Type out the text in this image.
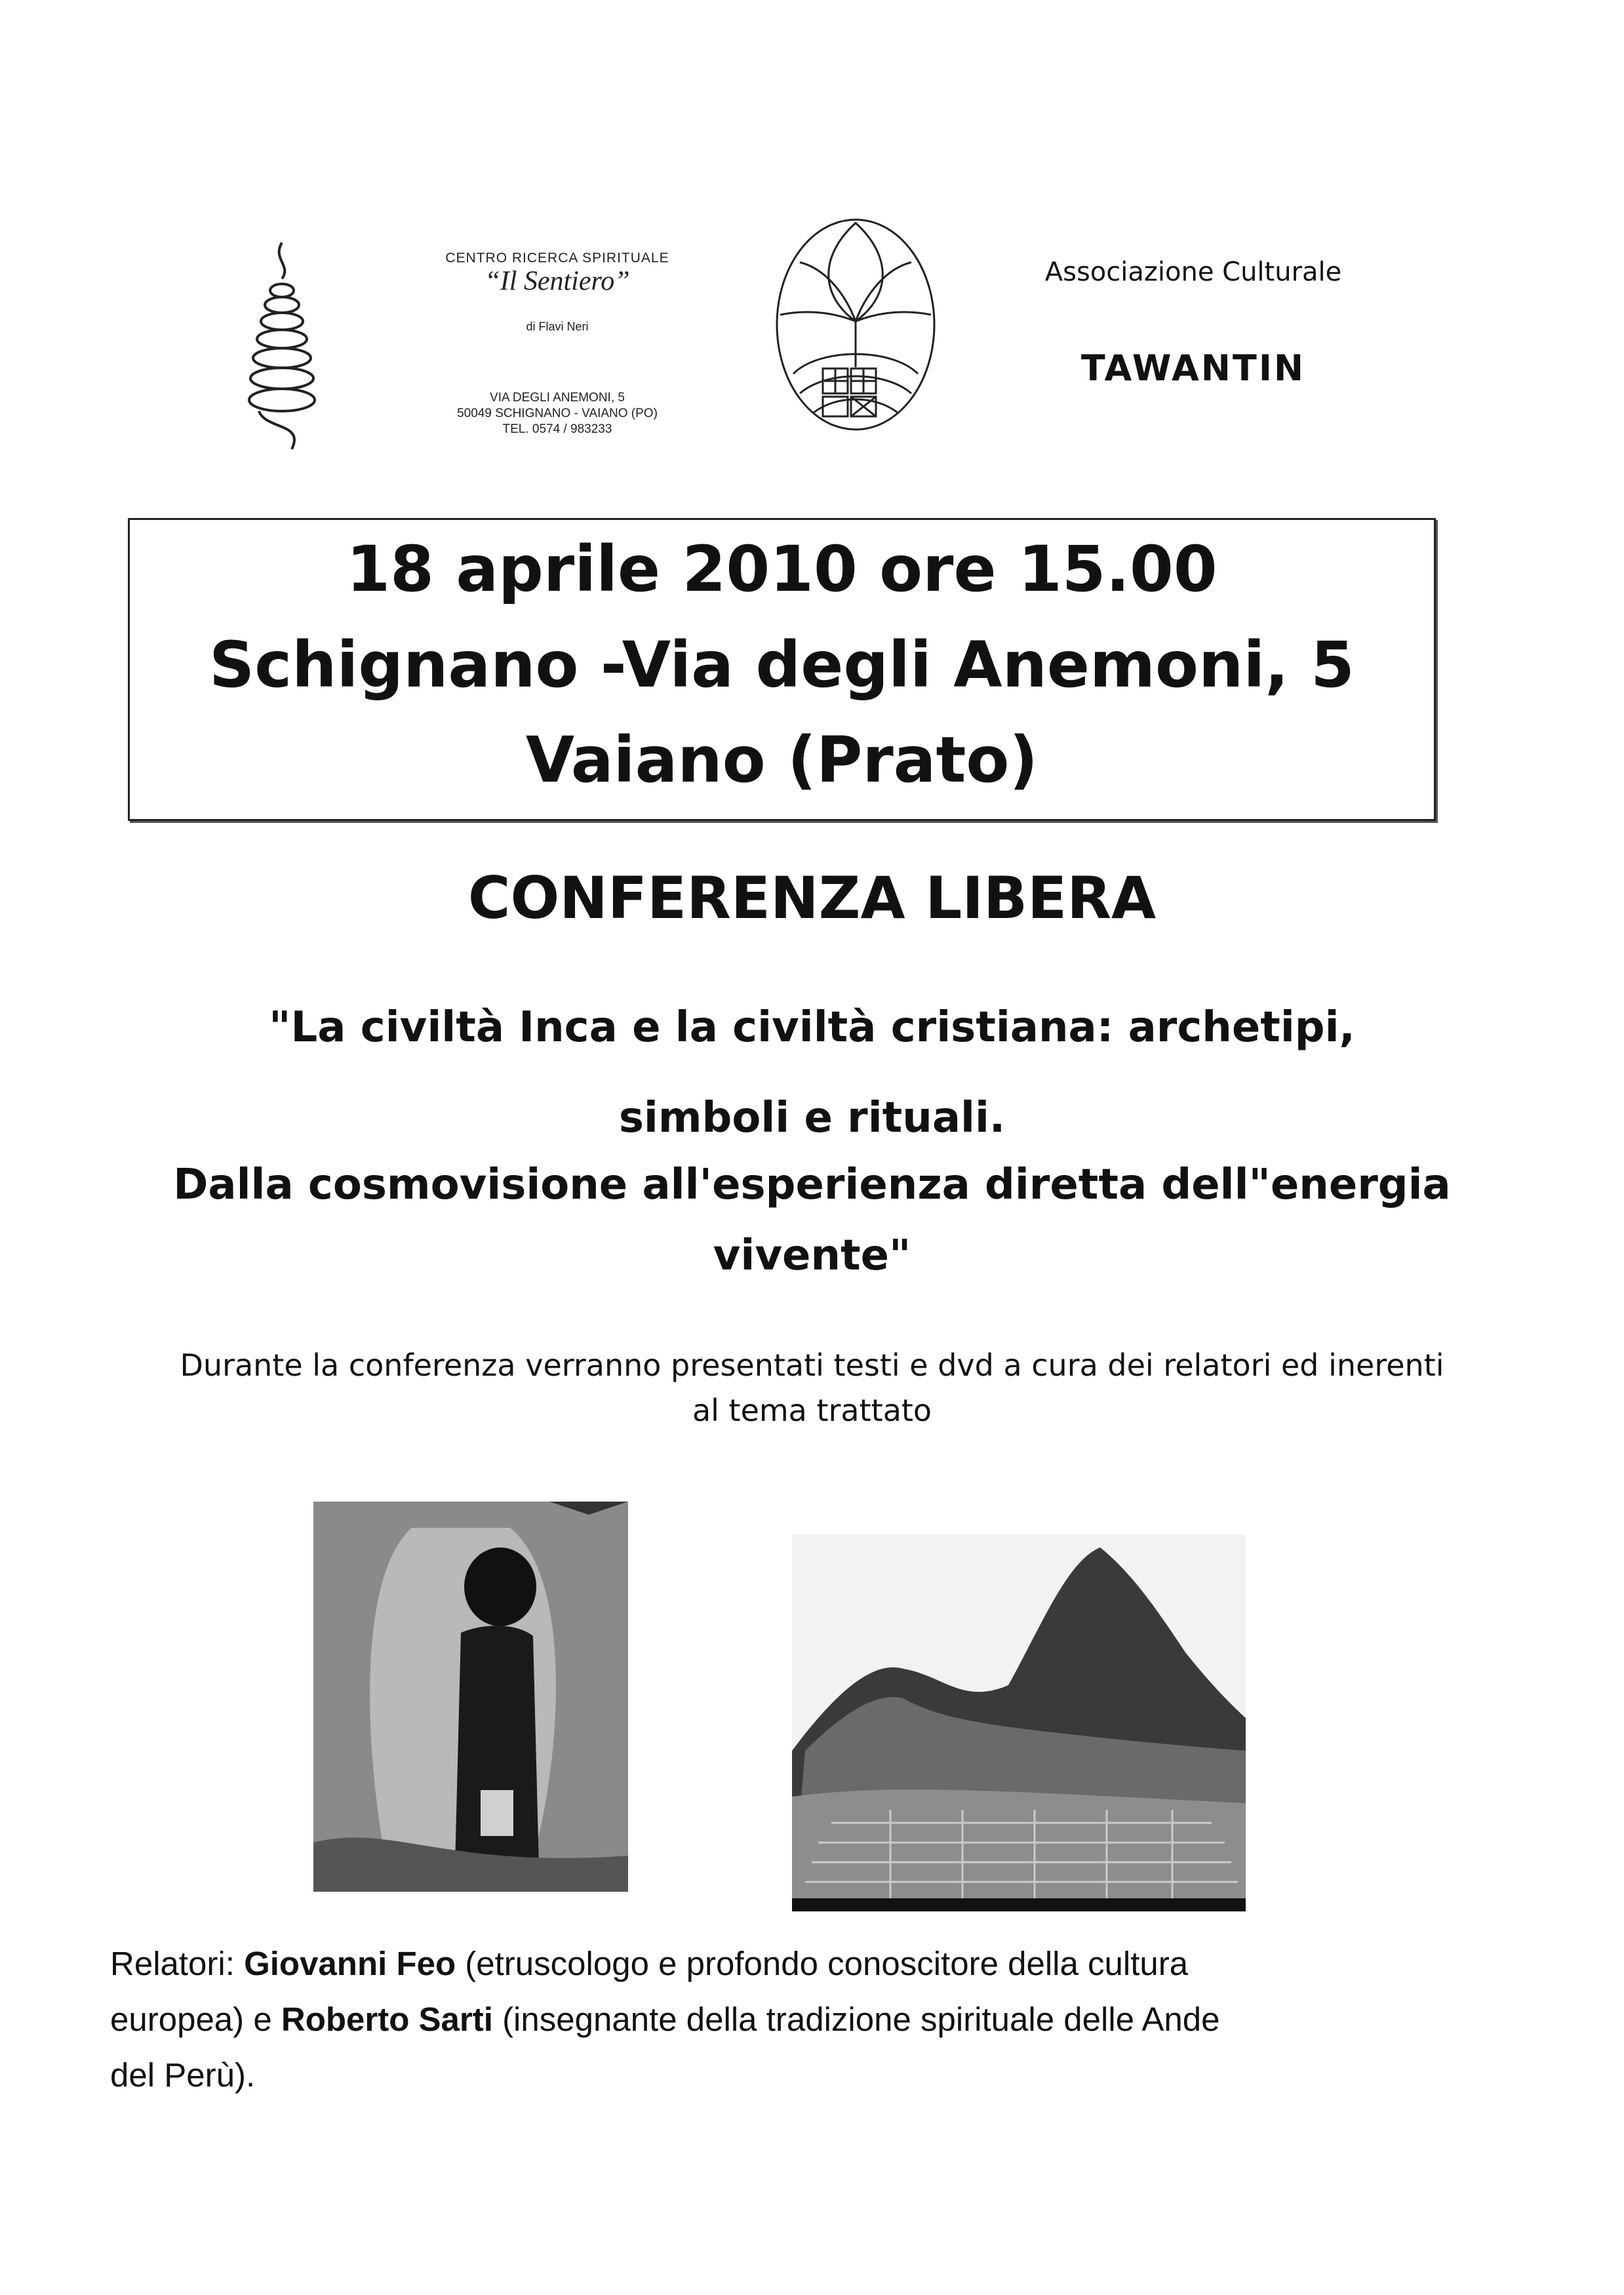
CENTRO RICERCA SPIRITUALE
“Il Sentiero”
di Flavi Neri
VIA DEGLI ANEMONI, 5
50049 SCHIGNANO - VAIANO (PO)
TEL. 0574 / 983233
Associazione Culturale
TAWANTIN
18 aprile 2010 ore 15.00
Schignano -Via degli Anemoni, 5
Vaiano (Prato)
CONFERENZA LIBERA
"La civiltà Inca e la civiltà cristiana: archetipi,
simboli e rituali.
Dalla cosmovisione all'esperienza diretta dell"energia
vivente"
Durante la conferenza verranno presentati testi e dvd a cura dei relatori ed inerenti
al tema trattato
Relatori: Giovanni Feo (etruscologo e profondo conoscitore della cultura
europea) e Roberto Sarti (insegnante della tradizione spirituale delle Ande
del Perù).
